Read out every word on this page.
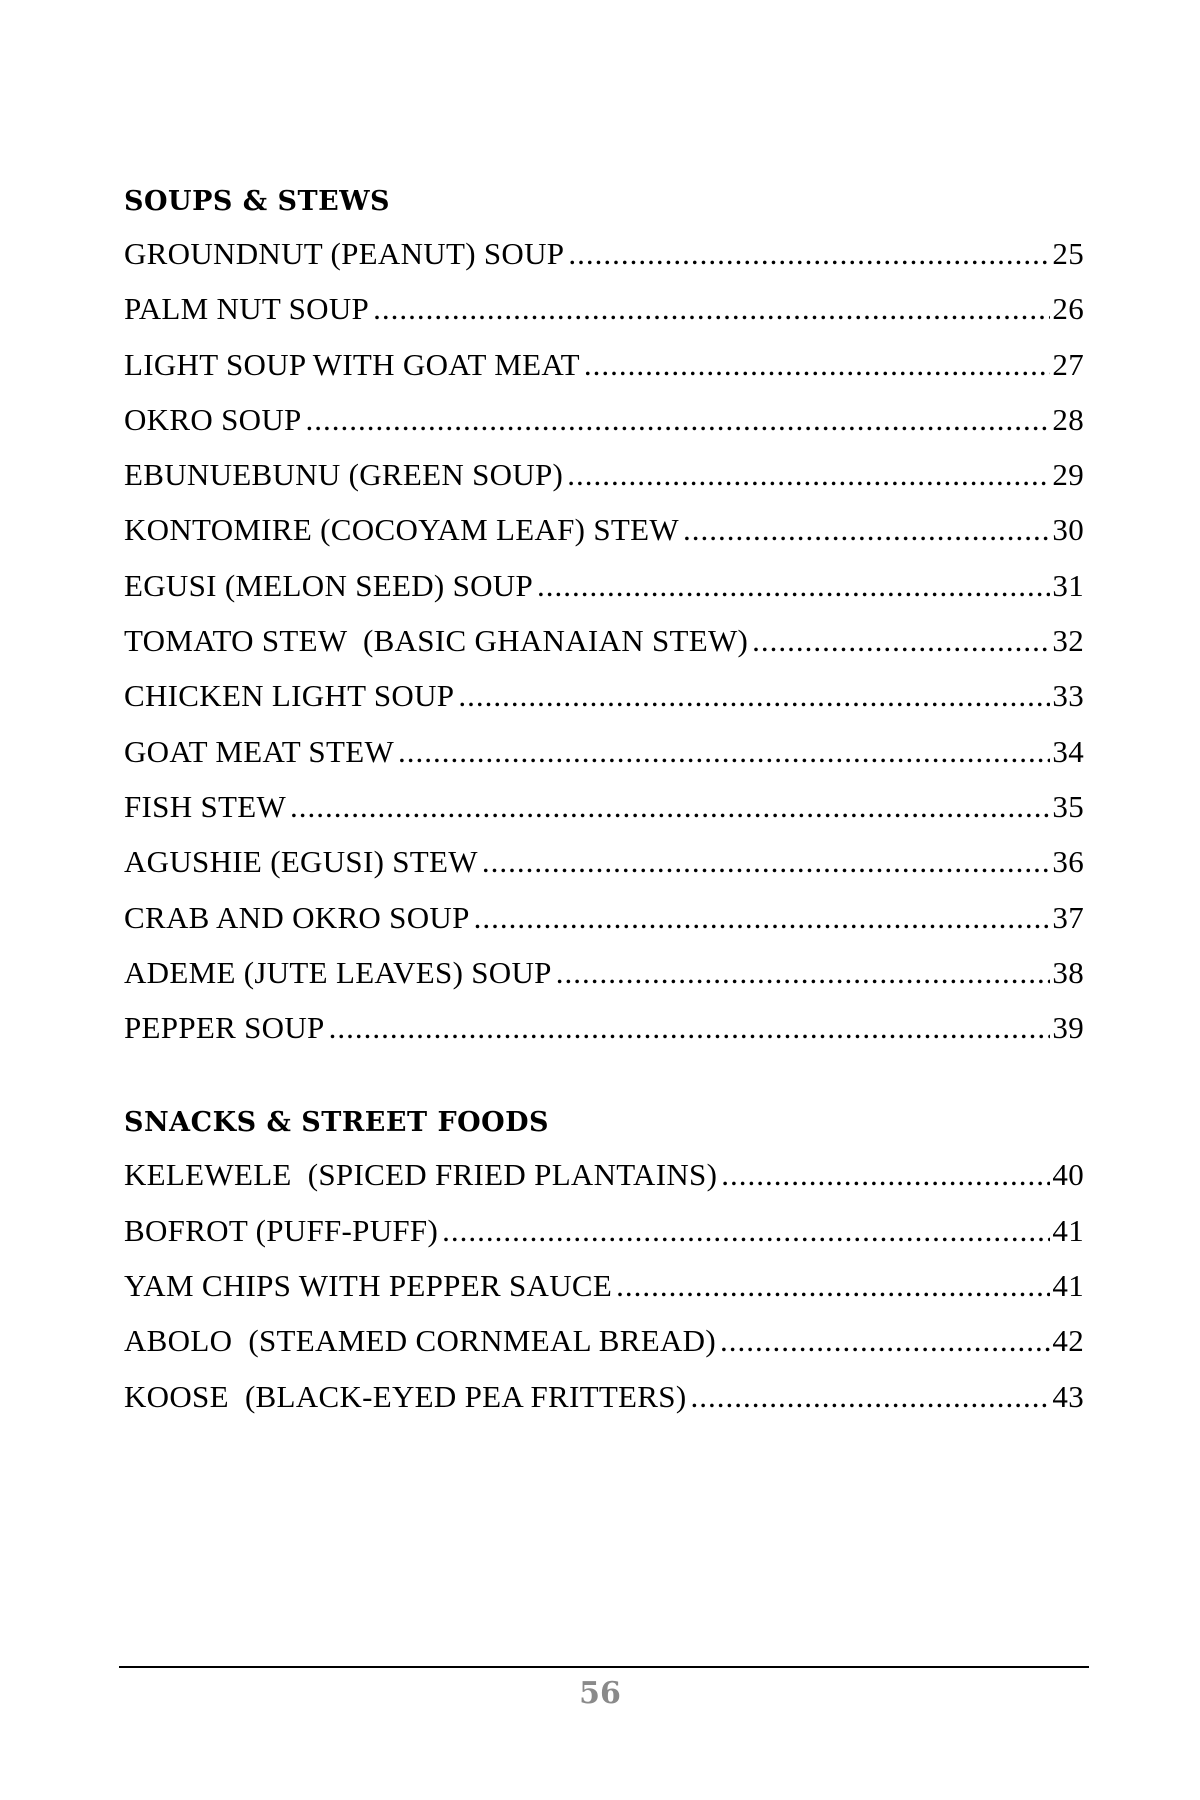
SOUPS & STEWS
GROUNDNUT (PEANUT) SOUP .....	25
PALM NUT SOUP .....	26
LIGHT SOUP WITH GOAT MEAT .....	27
OKRO SOUP .....	28
EBUNUEBUNU (GREEN SOUP) .....	29
KONTOMIRE (COCOYAM LEAF) STEW .....	30
EGUSI (MELON SEED) SOUP .....	31
TOMATO STEW  (BASIC GHANAIAN STEW) .....	32
CHICKEN LIGHT SOUP .....	33
GOAT MEAT STEW .....	34
FISH STEW .....	35
AGUSHIE (EGUSI) STEW .....	36
CRAB AND OKRO SOUP .....	37
ADEME (JUTE LEAVES) SOUP .....	38
PEPPER SOUP .....	39
SNACKS & STREET FOODS
KELEWELE  (SPICED FRIED PLANTAINS) .....	40
BOFROT (PUFF-PUFF) .....	41
YAM CHIPS WITH PEPPER SAUCE .....	41
ABOLO  (STEAMED CORNMEAL BREAD) .....	42
KOOSE  (BLACK-EYED PEA FRITTERS) .....	43
56
